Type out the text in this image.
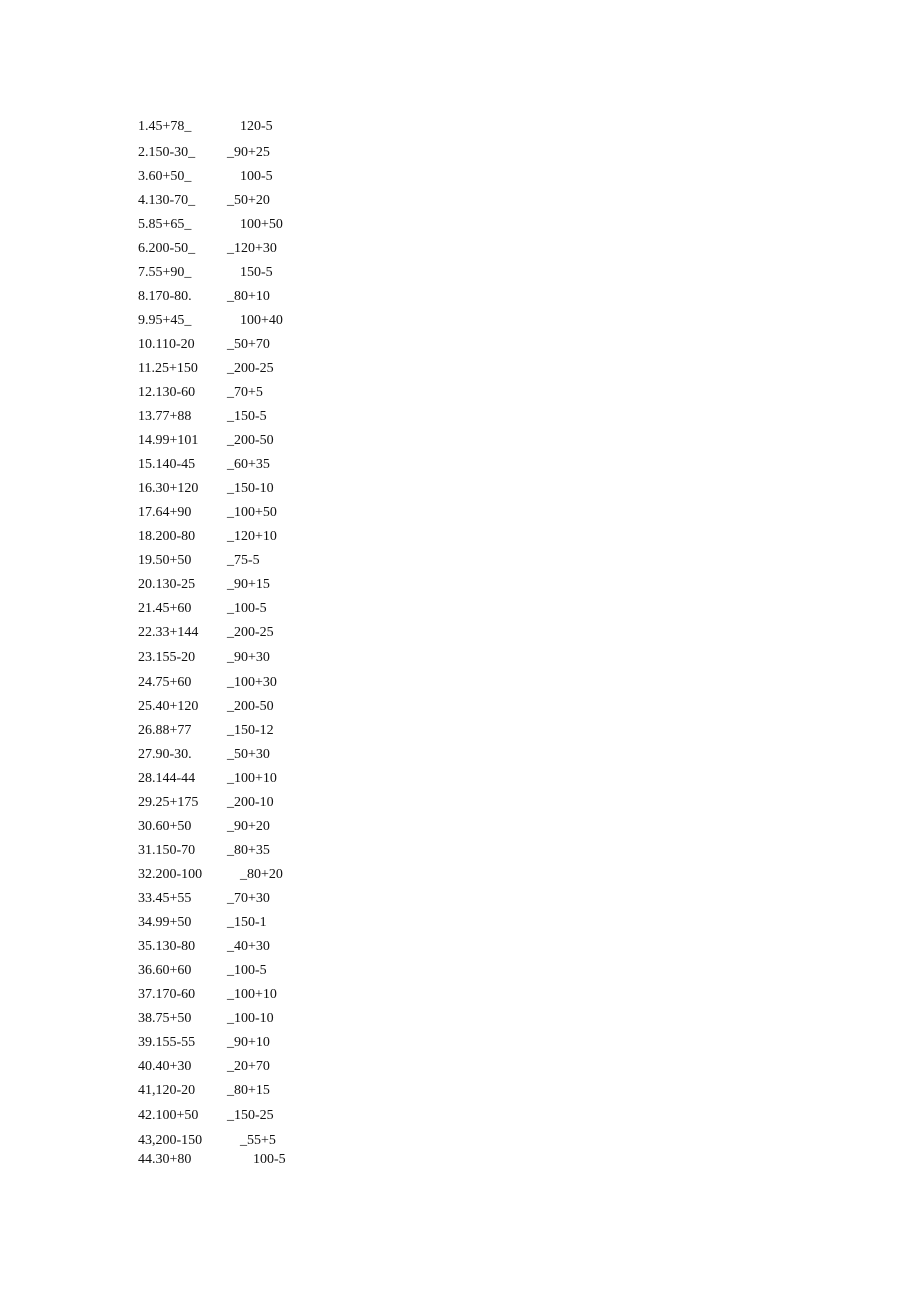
1.45+78_	120-5
2.150-30_ _90+25
3.60+50_	100-5
4.130-70_ _50+20
5.85+65_	100+50
6.200-50_ _120+30
7.55+90_	150-5
8.170-80.	_80+10
9.95+45_	100+40
10.110-20 _50+70
11.25+150 _200-25
12.130-60 _70+5
13.77+88	_150-5
14.99+101 _200-50
15.140-45 _60+35
16.30+120 _150-10
17.64+90	_100+50
18.200-80 _120+10
19.50+50	_75-5
20.130-25 _90+15
21.45+60	_100-5
22.33+144 _200-25
23.155-20 _90+30
24.75+60	_100+30
25.40+120 _200-50
26.88+77	_150-12
27.90-30.	_50+30
28.144-44 _100+10
29.25+175 _200-10
30.60+50	_90+20
31.150-70 _80+35
32.200-100	_80+20
33.45+55	_70+30
34.99+50	_150-1
35.130-80 _40+30
36.60+60	_100-5
37.170-60 _100+10
38.75+50	_100-10
39.155-55 _90+10
40.40+30	_20+70
41,120-20 _80+15
42.100+50 _150-25
43,200-150	_55+5
44.30+80	100-5
